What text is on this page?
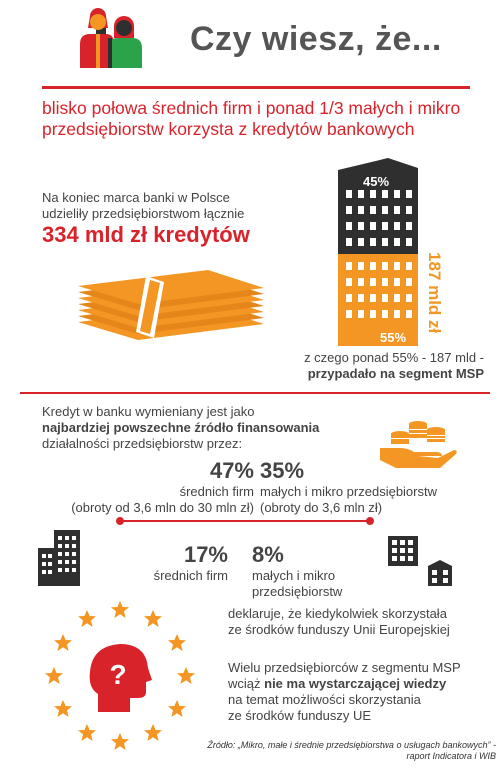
Czy wiesz, że...
blisko połowa średnich firm i ponad 1/3 małych i mikro przedsiębiorstw korzysta z kredytów bankowych
Na koniec marca banki w Polsce
udzieliły przedsiębiorstwom łącznie
334 mld zł kredytów
45%
55%
187 mld zł
z czego ponad 55% - 187 mld -
przypadało na segment MSP
Kredyt w banku wymieniany jest jako
najbardziej powszechne źródło finansowania
działalności przedsiębiorstw przez:
47%
średnich firm
(obroty od 3,6 mln do 30 mln zł)
35%
małych i mikro przedsiębiorstw
(obroty do 3,6 mln zł)
17%
średnich firm
8%
małych i mikro
przedsiębiorstw
?
deklaruje, że kiedykolwiek skorzystała
ze środków funduszy Unii Europejskiej
Wielu przedsiębiorców z segmentu MSP
wciąż nie ma wystarczającej wiedzy
na temat możliwości skorzystania
ze środków funduszy UE
Źródło: „Mikro, małe i średnie przedsiębiorstwa o usługach bankowych” -
raport Indicatora i WIB
